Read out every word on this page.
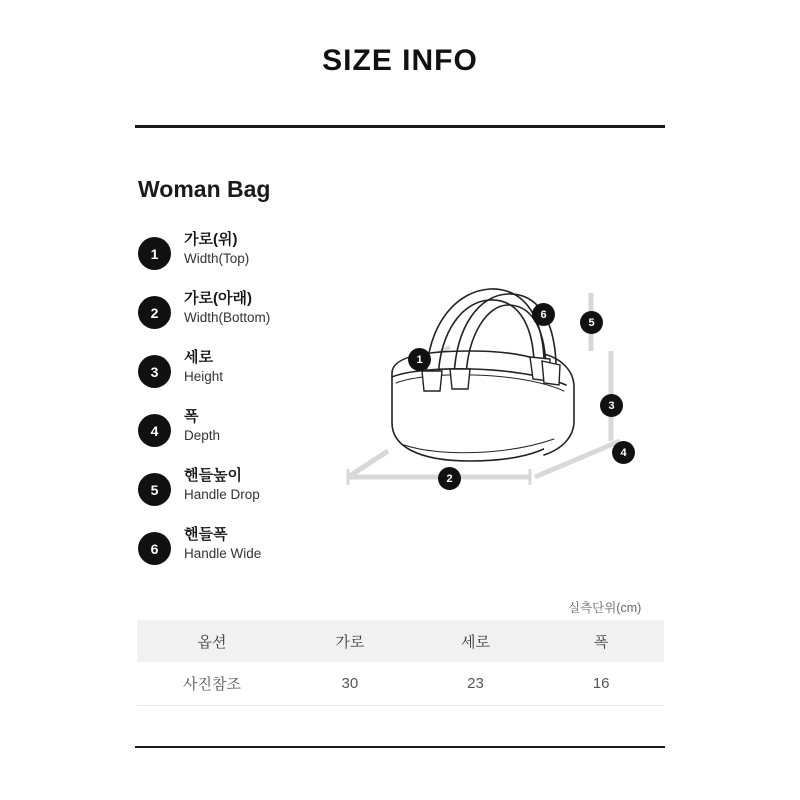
SIZE INFO
Woman Bag
1
가로(위)
Width(Top)
2
가로(아래)
Width(Bottom)
3
세로
Height
4
폭
Depth
5
핸들높이
Handle Drop
6
핸들폭
Handle Wide
1
2
3
4
5
6
실측단위(cm)
옵션	가로	세로	폭
사진참조	30	23	16
